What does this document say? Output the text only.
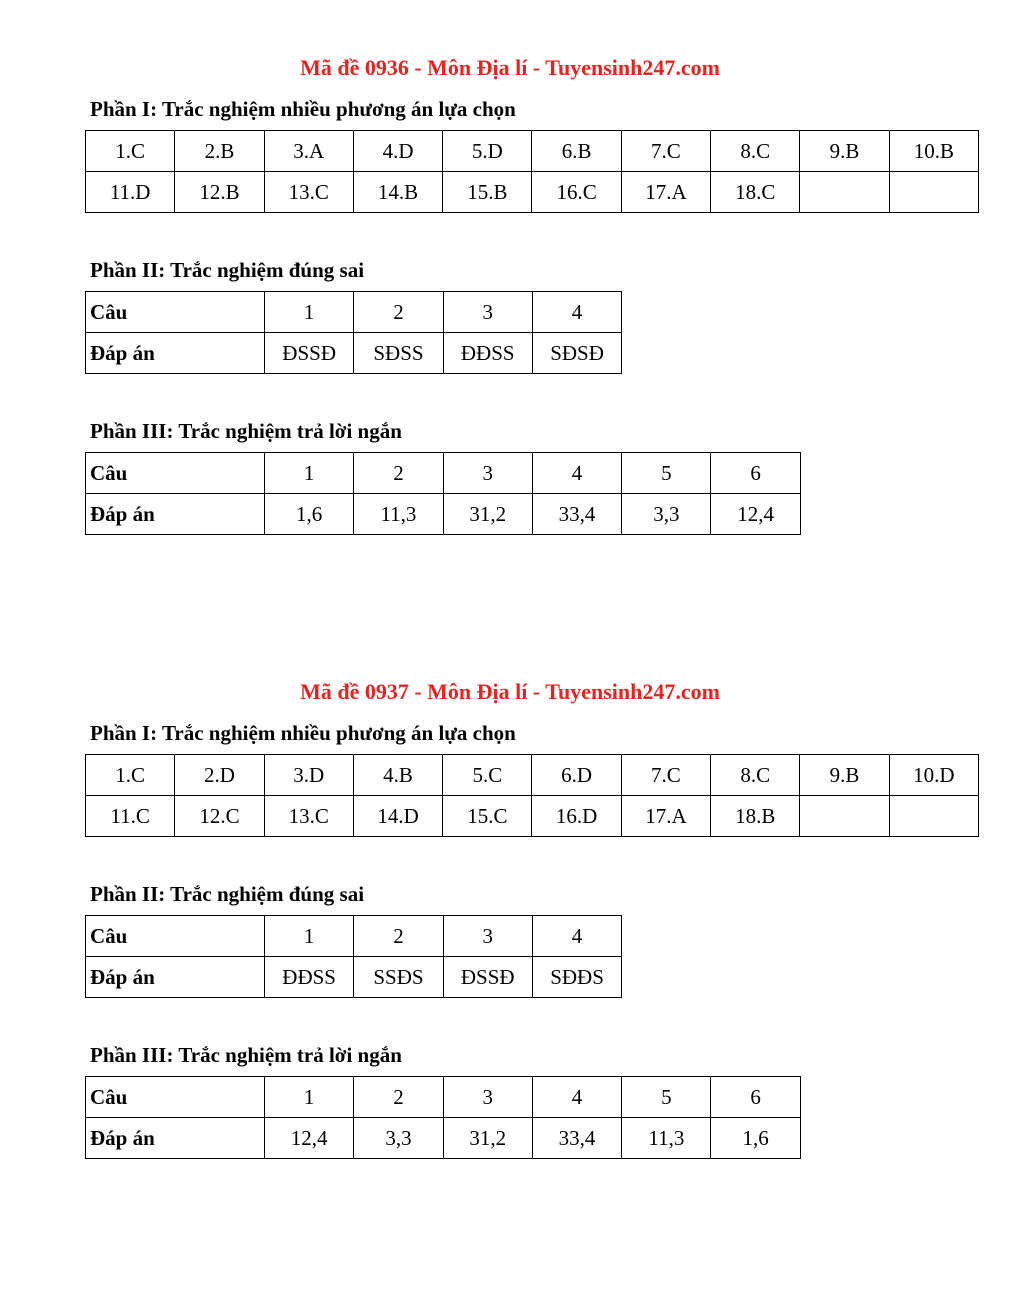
Mã đề 0936 - Môn Địa lí - Tuyensinh247.com
Phần I: Trắc nghiệm nhiều phương án lựa chọn
1.C	2.B	3.A	4.D	5.D	6.B	7.C	8.C	9.B	10.B
11.D	12.B	13.C	14.B	15.B	16.C	17.A	18.C		
Phần II: Trắc nghiệm đúng sai
Câu	1	2	3	4
Đáp án	ĐSSĐ	SĐSS	ĐĐSS	SĐSĐ
Phần III: Trắc nghiệm trả lời ngắn
Câu	1	2	3	4	5	6
Đáp án	1,6	11,3	31,2	33,4	3,3	12,4
Mã đề 0937 - Môn Địa lí - Tuyensinh247.com
Phần I: Trắc nghiệm nhiều phương án lựa chọn
1.C	2.D	3.D	4.B	5.C	6.D	7.C	8.C	9.B	10.D
11.C	12.C	13.C	14.D	15.C	16.D	17.A	18.B		
Phần II: Trắc nghiệm đúng sai
Câu	1	2	3	4
Đáp án	ĐĐSS	SSĐS	ĐSSĐ	SĐĐS
Phần III: Trắc nghiệm trả lời ngắn
Câu	1	2	3	4	5	6
Đáp án	12,4	3,3	31,2	33,4	11,3	1,6
